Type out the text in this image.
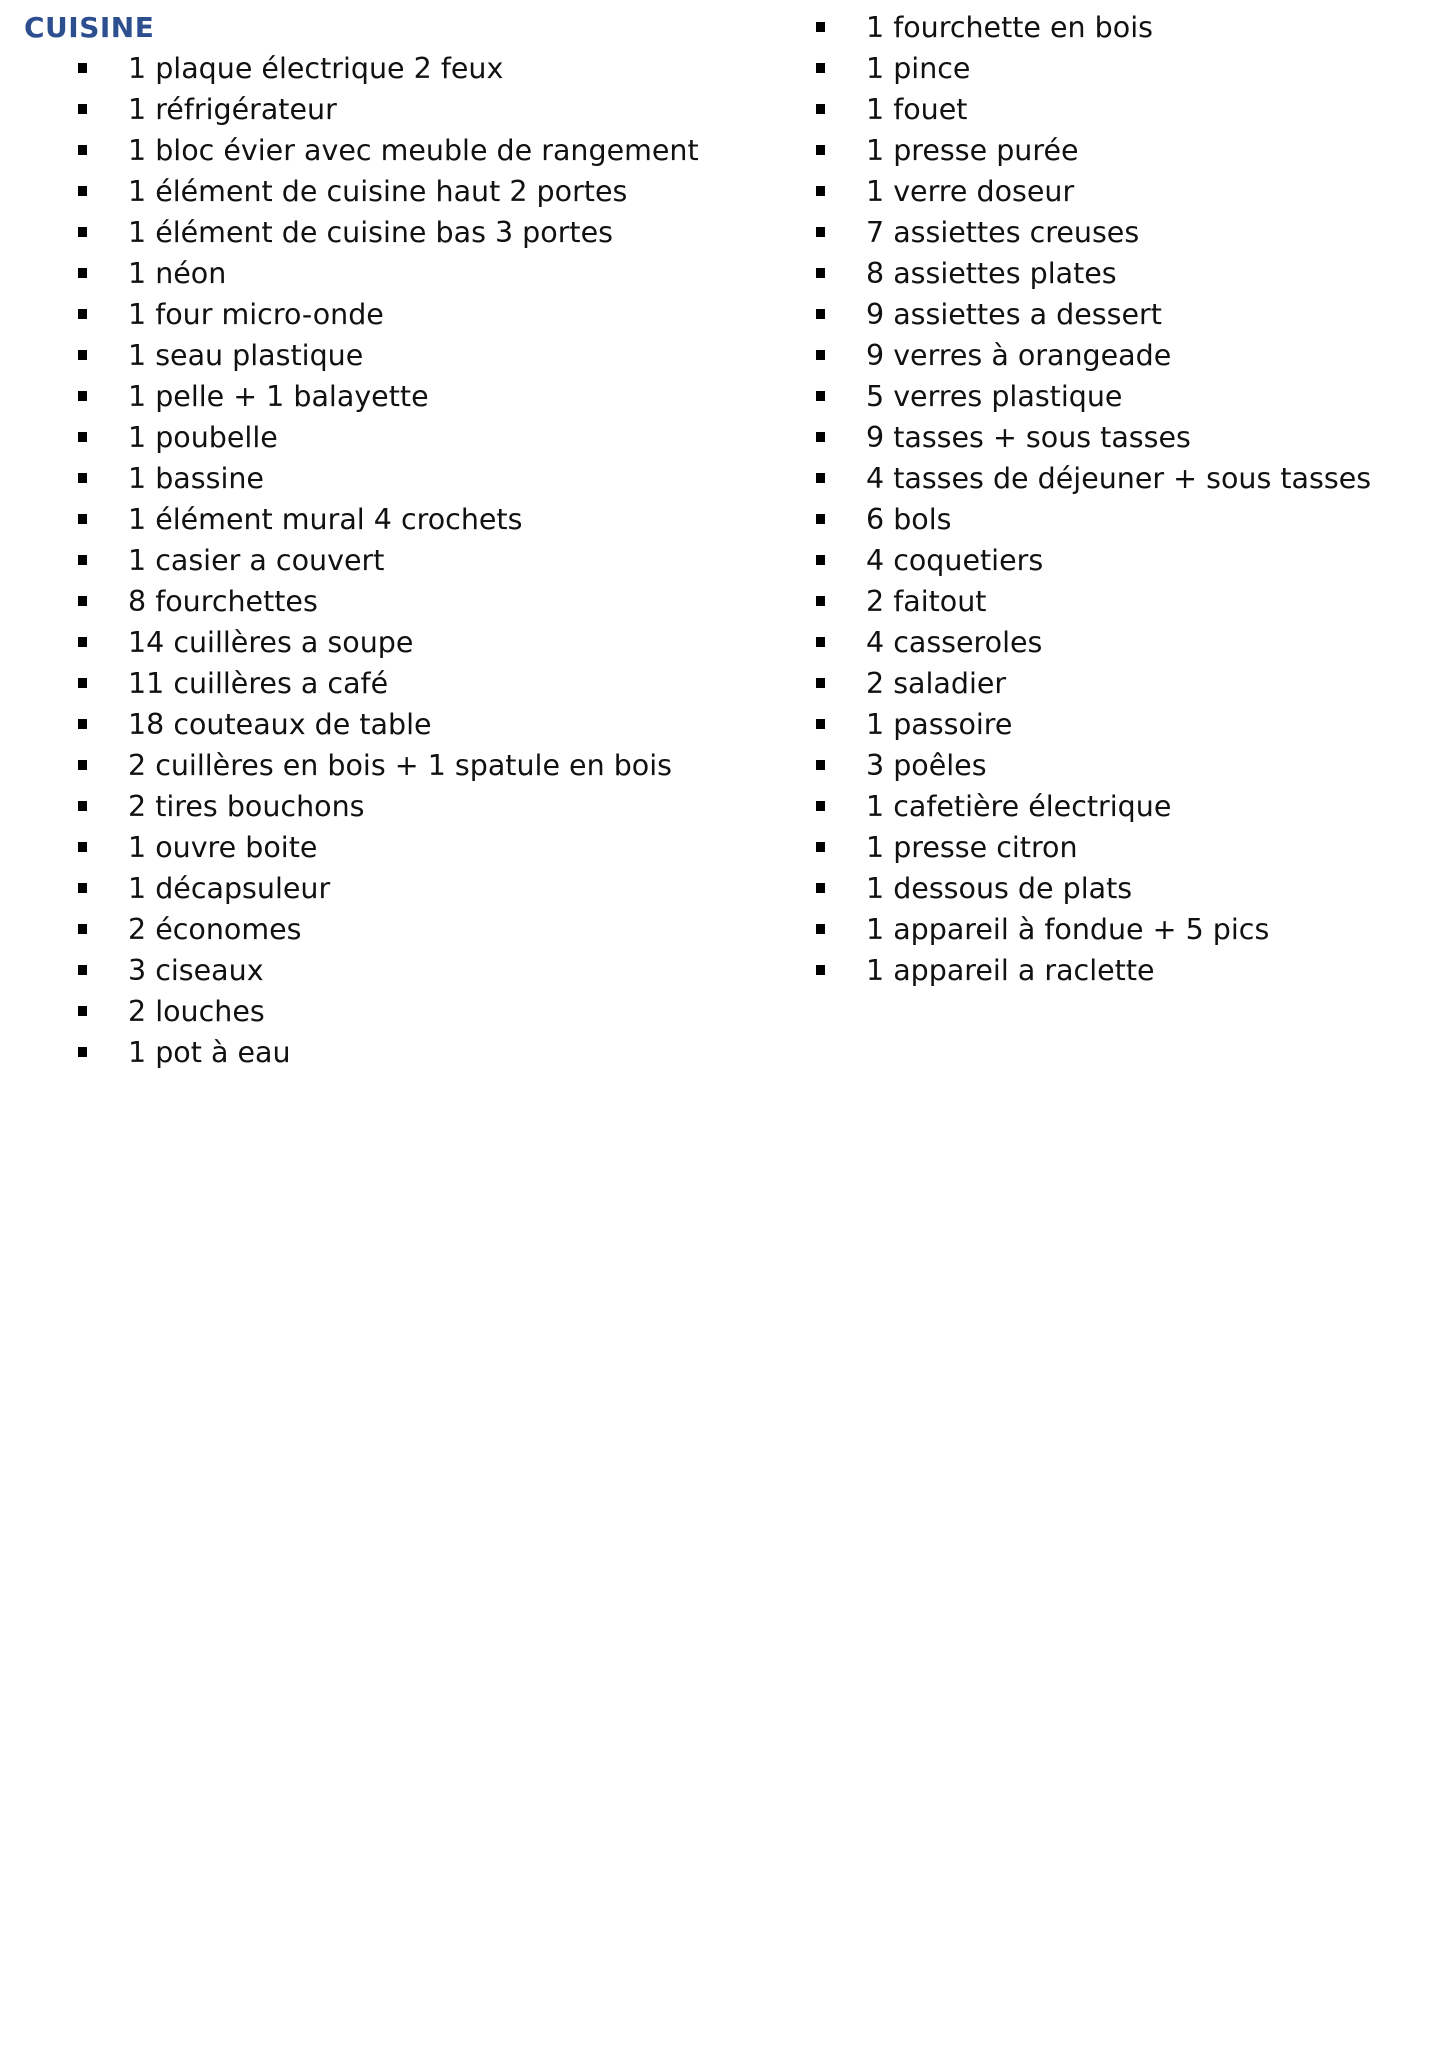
CUISINE
1 plaque électrique 2 feux
1 réfrigérateur
1 bloc évier avec meuble de rangement
1 élément de cuisine haut 2 portes
1 élément de cuisine bas 3 portes
1 néon
1 four micro-onde
1 seau plastique
1 pelle + 1 balayette
1 poubelle
1 bassine
1 élément mural 4 crochets
1 casier a couvert
8 fourchettes
14 cuillères a soupe
11 cuillères a café
18 couteaux de table
2 cuillères en bois + 1 spatule en bois
2 tires bouchons
1 ouvre boite
1 décapsuleur
2 économes
3 ciseaux
2 louches
1 pot à eau
1 fourchette en bois
1 pince
1 fouet
1 presse purée
1 verre doseur
7 assiettes creuses
8 assiettes plates
9 assiettes a dessert
9 verres à orangeade
5 verres plastique
9 tasses + sous tasses
4 tasses de déjeuner + sous tasses
6 bols
4 coquetiers
2 faitout
4 casseroles
2 saladier
1 passoire
3 poêles
1 cafetière électrique
1 presse citron
1 dessous de plats
1 appareil à fondue + 5 pics
1 appareil a raclette
